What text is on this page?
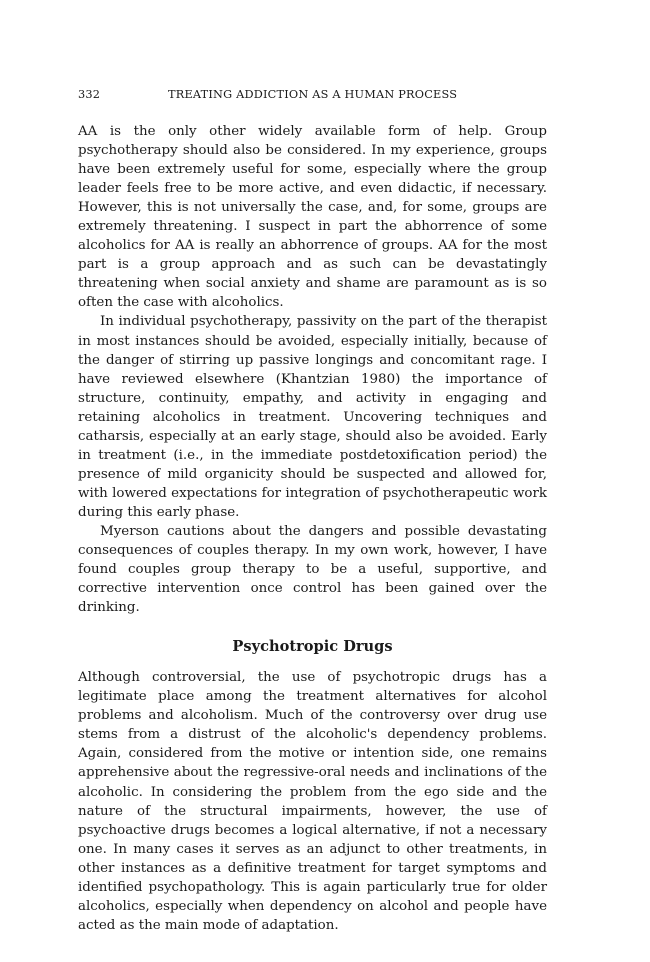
332	TREATING ADDICTION AS A HUMAN PROCESS

AA is the only other widely available form of help. Group psychotherapy should also be considered. In my experience, groups have been extremely useful for some, especially where the group leader feels free to be more active, and even didactic, if necessary. However, this is not universally the case, and, for some, groups are extremely threatening. I suspect in part the abhorrence of some alcoholics for AA is really an abhorrence of groups. AA for the most part is a group approach and as such can be devastatingly threatening when social anxiety and shame are paramount as is so often the case with alcoholics.

In individual psychotherapy, passivity on the part of the therapist in most instances should be avoided, especially initially, because of the danger of stirring up passive longings and concomitant rage. I have reviewed elsewhere (Khantzian 1980) the importance of structure, continuity, empathy, and activity in engaging and retaining alcoholics in treatment. Uncovering techniques and catharsis, especially at an early stage, should also be avoided. Early in treatment (i.e., in the immediate postdetoxification period) the presence of mild organicity should be suspected and allowed for, with lowered expectations for integration of psychotherapeutic work during this early phase.

Myerson cautions about the dangers and possible devastating consequences of couples therapy. In my own work, however, I have found couples group therapy to be a useful, supportive, and corrective intervention once control has been gained over the drinking.

Psychotropic Drugs

Although controversial, the use of psychotropic drugs has a legitimate place among the treatment alternatives for alcohol problems and alcoholism. Much of the controversy over drug use stems from a distrust of the alcoholic's dependency problems. Again, considered from the motive or intention side, one remains apprehensive about the regressive-oral needs and inclinations of the alcoholic. In considering the problem from the ego side and the nature of the structural impairments, however, the use of psychoactive drugs becomes a logical alternative, if not a necessary one. In many cases it serves as an adjunct to other treatments, in other instances as a definitive treatment for target symptoms and identified psychopathology. This is again particularly true for older alcoholics, especially when dependency on alcohol and people have acted as the main mode of adaptation.
